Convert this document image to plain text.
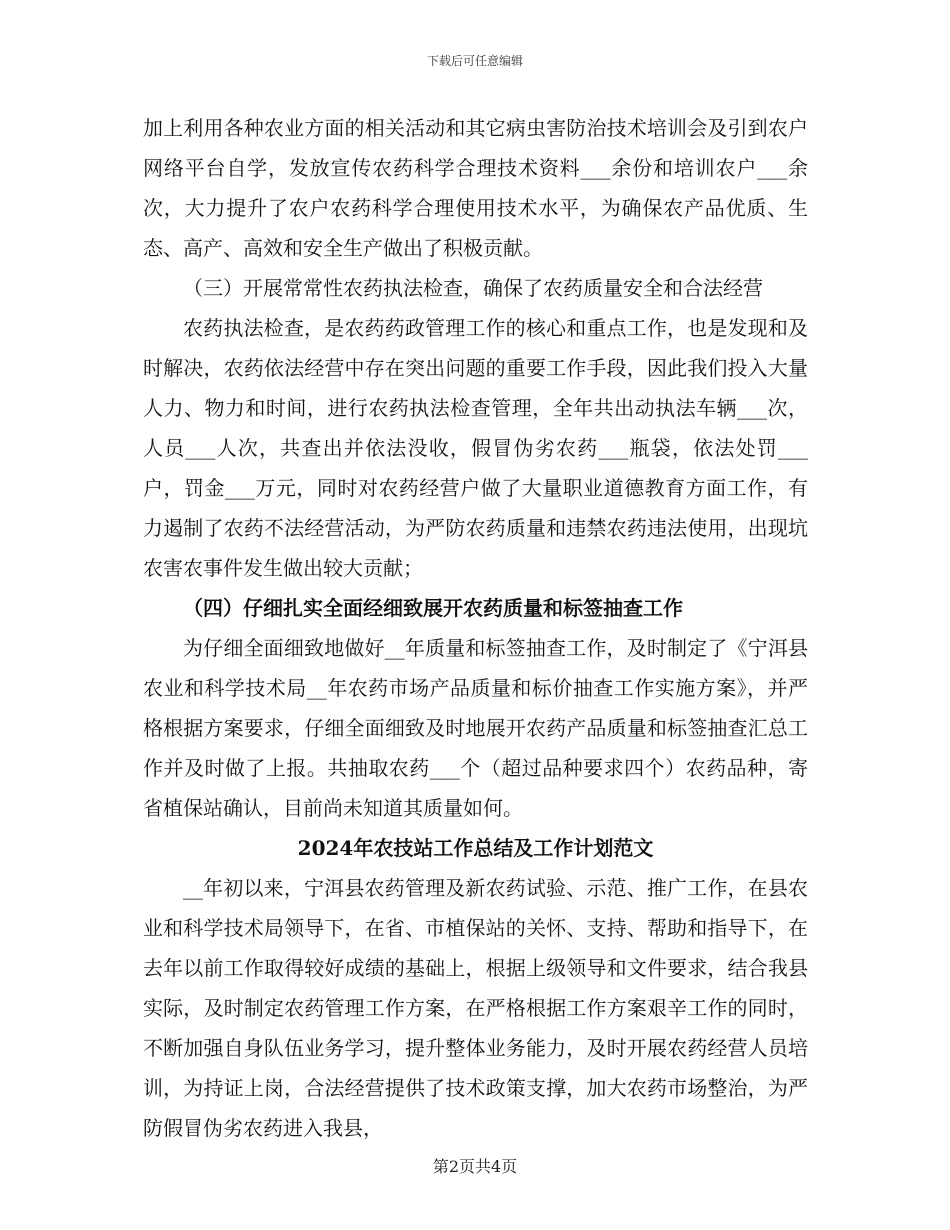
下载后可任意编辑

加上利用各种农业方面的相关活动和其它病虫害防治技术培训会及引到农户网络平台自学，发放宣传农药科学合理技术资料___余份和培训农户___余次，大力提升了农户农药科学合理使用技术水平，为确保农产品优质、生态、高产、高效和安全生产做出了积极贡献。

（三）开展常常性农药执法检查，确保了农药质量安全和合法经营

农药执法检查，是农药药政管理工作的核心和重点工作，也是发现和及时解决，农药依法经营中存在突出问题的重要工作手段，因此我们投入大量人力、物力和时间，进行农药执法检查管理，全年共出动执法车辆___次，人员___人次，共查出并依法没收，假冒伪劣农药___瓶袋，依法处罚___户，罚金___万元，同时对农药经营户做了大量职业道德教育方面工作，有力遏制了农药不法经营活动，为严防农药质量和违禁农药违法使用，出现坑农害农事件发生做出较大贡献；

（四）仔细扎实全面经细致展开农药质量和标签抽查工作

为仔细全面细致地做好__年质量和标签抽查工作，及时制定了《宁洱县农业和科学技术局__年农药市场产品质量和标价抽查工作实施方案》，并严格根据方案要求，仔细全面细致及时地展开农药产品质量和标签抽查汇总工作并及时做了上报。共抽取农药___个（超过品种要求四个）农药品种，寄省植保站确认，目前尚未知道其质量如何。

2024年农技站工作总结及工作计划范文

__年初以来，宁洱县农药管理及新农药试验、示范、推广工作，在县农业和科学技术局领导下，在省、市植保站的关怀、支持、帮助和指导下，在去年以前工作取得较好成绩的基础上，根据上级领导和文件要求，结合我县实际，及时制定农药管理工作方案，在严格根据工作方案艰辛工作的同时，不断加强自身队伍业务学习，提升整体业务能力，及时开展农药经营人员培训，为持证上岗，合法经营提供了技术政策支撑，加大农药市场整治，为严防假冒伪劣农药进入我县，

第2页共4页
